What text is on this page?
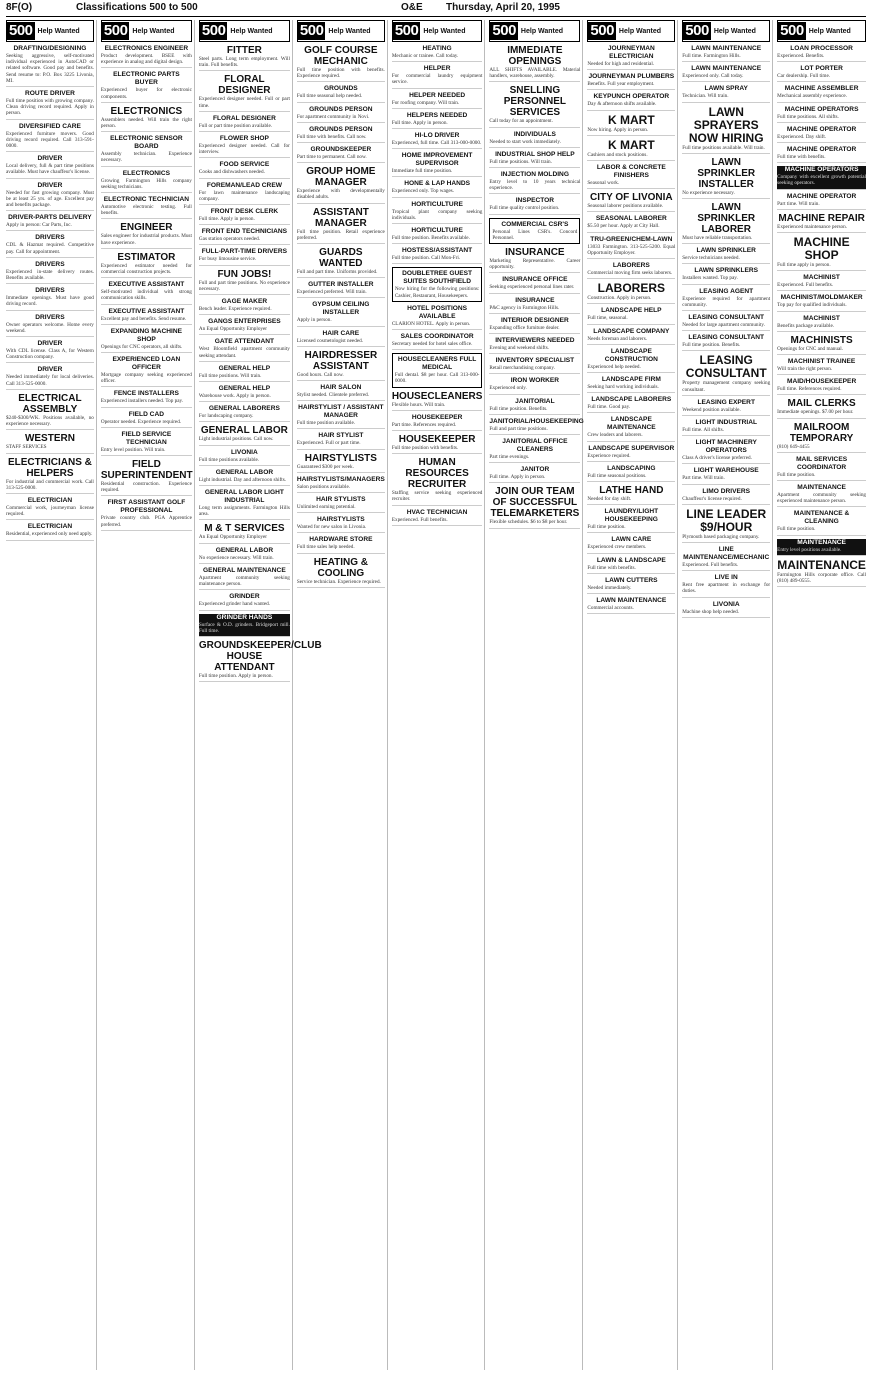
8F(O)	Classifications 500 to 500	O&E Thursday, April 20, 1995
500 Help Wanted
DRAFTING/DESIGNING
Seeking aggressive, self-motivated individual experienced in AutoCAD or related software. Good pay and benefits. Send resume to: P.O. Box 3225 Livonia, MI.
ROUTE DRIVER
Full time position with growing company. Clean driving record required. Apply in person.
DIVERSIFIED CARE
Experienced furniture movers. Good driving record required. Call 313-591-0000.
DRIVER
Local delivery, full & part time positions available. Must have chauffeur's license.
DRIVER
Needed for fast growing company. Must be at least 25 yrs. of age. Excellent pay and benefits package.
DRIVER-PARTS DELIVERY
Apply in person: Car Parts, Inc.
DRIVERS
CDL & Hazmat required. Competitive pay. Call for appointment.
DRIVERS
Experienced in-state delivery routes. Benefits available.
DRIVERS
Immediate openings. Must have good driving record.
DRIVERS
Owner operators welcome. Home every weekend.
DRIVER
With CDL license. Class A, for Western Construction company.
DRIVER
Needed immediately for local deliveries. Call 313-525-0000.
ELECTRICAL ASSEMBLY
$240-$300/WK. Positions available, no experience necessary.
WESTERN
STAFF SERVICES
ELECTRICIANS & HELPERS
For industrial and commercial work. Call 313-525-0000.
ELECTRICIAN
Commercial work, journeyman license required.
ELECTRICIAN
Residential, experienced only need apply.
500 Help Wanted
ELECTRONICS ENGINEER
Product development. BSEE with experience in analog and digital design.
ELECTRONIC PARTS BUYER
Experienced buyer for electronic components.
ELECTRONICS
Assemblers needed. Will train the right person.
ELECTRONIC SENSOR BOARD
Assembly technician. Experience necessary.
ELECTRONICS
Growing Farmington Hills company seeking technicians.
ELECTRONIC TECHNICIAN
Automotive electronic testing. Full benefits.
ENGINEER
Sales engineer for industrial products. Must have experience.
ESTIMATOR
Experienced estimator needed for commercial construction projects.
EXECUTIVE ASSISTANT
Self-motivated individual with strong communication skills.
EXECUTIVE ASSISTANT
Excellent pay and benefits. Send resume.
EXPANDING MACHINE SHOP
Openings for CNC operators, all shifts.
EXPERIENCED LOAN OFFICER
Mortgage company seeking experienced officer.
FENCE INSTALLERS
Experienced installers needed. Top pay.
FIELD CAD
Operator needed. Experience required.
FIELD SERVICE TECHNICIAN
Entry level position. Will train.
FIELD SUPERINTENDENT
Residential construction. Experience required.
FIRST ASSISTANT GOLF PROFESSIONAL
Private country club. PGA Apprentice preferred.
500 Help Wanted
FITTER
Steel parts. Long term employment. Will train. Full benefits.
FLORAL DESIGNER
Experienced designer needed. Full or part time.
FLORAL DESIGNER
Full or part time position available.
FLOWER SHOP
Experienced designer needed. Call for interview.
FOOD SERVICE
Cooks and dishwashers needed.
FOREMAN/LEAD CREW
For lawn maintenance landscaping company.
FRONT DESK CLERK
Full time. Apply in person.
FRONT END TECHNICIANS
Gas station operators needed.
FULL-PART-TIME DRIVERS
For busy limousine service.
FUN JOBS!
Full and part time positions. No experience necessary.
GAGE MAKER
Bench leader. Experience required.
GANGS ENTERPRISES
An Equal Opportunity Employer
GATE ATTENDANT
West Bloomfield apartment community seeking attendant.
GENERAL HELP
Full time positions. Will train.
GENERAL HELP
Warehouse work. Apply in person.
GENERAL LABORERS
For landscaping company.
GENERAL LABOR
Light industrial positions. Call now.
LIVONIA
Full time positions available.
GENERAL LABOR
Light industrial. Day and afternoon shifts.
GENERAL LABOR LIGHT INDUSTRIAL
Long term assignments. Farmington Hills area.
M & T SERVICES
An Equal Opportunity Employer
GENERAL LABOR
No experience necessary. Will train.
GENERAL MAINTENANCE
Apartment community seeking maintenance person.
GRINDER
Experienced grinder hand wanted.
GRINDER HANDS
Surface & O.D. grinders. Bridgeport mill. Full time.
GROUNDSKEEPER/CLUB HOUSE ATTENDANT
Full time position. Apply in person.
500 Help Wanted
GOLF COURSE MECHANIC
Full time position with benefits. Experience required.
GROUNDS
Full time seasonal help needed.
GROUNDS PERSON
For apartment community in Novi.
GROUNDS PERSON
Full time with benefits. Call now.
GROUNDSKEEPER
Part time to permanent. Call now.
GROUP HOME MANAGER
Experience with developmentally disabled adults.
ASSISTANT MANAGER
Full time position. Retail experience preferred.
GUARDS WANTED
Full and part time. Uniforms provided.
GUTTER INSTALLER
Experienced preferred. Will train.
GYPSUM CEILING INSTALLER
Apply in person.
HAIR CARE
Licensed cosmetologist needed.
HAIRDRESSER ASSISTANT
Good hours. Call now.
HAIR SALON
Stylist needed. Clientele preferred.
HAIRSTYLIST / ASSISTANT MANAGER
Full time position available.
HAIR STYLIST
Experienced. Full or part time.
HAIRSTYLISTS
Guaranteed $300 per week.
HAIRSTYLISTS/MANAGERS
Salon positions available.
HAIR STYLISTS
Unlimited earning potential.
HAIRSTYLISTS
Wanted for new salon in Livonia.
HARDWARE STORE
Full time sales help needed.
HEATING & COOLING
Service technician. Experience required.
500 Help Wanted
HEATING
Mechanic or trainee. Call today.
HELPER
For commercial laundry equipment service.
HELPER NEEDED
For roofing company. Will train.
HELPERS NEEDED
Full time. Apply in person.
HI-LO DRIVER
Experienced, full time. Call 313-000-0000.
HOME IMPROVEMENT SUPERVISOR
Immediate full time position.
HONE & LAP HANDS
Experienced only. Top wages.
HORTICULTURE
Tropical plant company seeking individuals.
HORTICULTURE
Full time position. Benefits available.
HOSTESS/ASSISTANT
Full time position. Call Mon-Fri.
DOUBLETREE GUEST SUITES SOUTHFIELD
Now hiring for the following positions: Cashier, Restaurant, Housekeepers.
HOTEL POSITIONS AVAILABLE
CLARION HOTEL. Apply in person.
SALES COORDINATOR
Secretary needed for hotel sales office.
HOUSECLEANERS FULL MEDICAL
Full dental. $8 per hour. Call 313-000-0000.
HOUSECLEANERS
Flexible hours. Will train.
HOUSEKEEPER
Part time. References required.
HOUSEKEEPER
Full time position with benefits.
HUMAN RESOURCES RECRUITER
Staffing service seeking experienced recruiter.
HVAC TECHNICIAN
Experienced. Full benefits.
500 Help Wanted
IMMEDIATE OPENINGS
ALL SHIFTS AVAILABLE. Material handlers, warehouse, assembly.
SNELLING PERSONNEL SERVICES
Call today for an appointment.
INDIVIDUALS
Needed to start work immediately.
INDUSTRIAL SHOP HELP
Full time positions. Will train.
INJECTION MOLDING
Entry level to 10 years technical experience.
INSPECTOR
Full time quality control position.
COMMERCIAL CSR'S
Personal Lines CSR's. Concord Personnel.
INSURANCE
Marketing Representative. Career opportunity.
INSURANCE OFFICE
Seeking experienced personal lines rater.
INSURANCE
P&C agency in Farmington Hills.
INTERIOR DESIGNER
Expanding office furniture dealer.
INTERVIEWERS NEEDED
Evening and weekend shifts.
INVENTORY SPECIALIST
Retail merchandising company.
IRON WORKER
Experienced only.
JANITORIAL
Full time position. Benefits.
JANITORIAL/HOUSEKEEPING
Full and part time positions.
JANITORIAL OFFICE CLEANERS
Part time evenings.
JANITOR
Full time. Apply in person.
JOIN OUR TEAM OF SUCCESSFUL TELEMARKETERS
Flexible schedules. $6 to $8 per hour.
500 Help Wanted
JOURNEYMAN ELECTRICIAN
Needed for high and residential.
JOURNEYMAN PLUMBERS
Benefits. Full year employment.
KEYPUNCH OPERATOR
Day & afternoon shifts available.
K MART
Now hiring. Apply in person.
K MART
Cashiers and stock positions.
LABOR & CONCRETE FINISHERS
Seasonal work.
CITY OF LIVONIA
Seasonal laborer positions available.
SEASONAL LABORER
$5.50 per hour. Apply at City Hall.
TRU-GREEN/CHEM-LAWN
13033 Farmington. 313-525-5200. Equal Opportunity Employer.
LABORERS
Commercial moving firm seeks laborers.
LABORERS
Construction. Apply in person.
LANDSCAPE HELP
Full time, seasonal.
LANDSCAPE COMPANY
Needs foreman and laborers.
LANDSCAPE CONSTRUCTION
Experienced help needed.
LANDSCAPE FIRM
Seeking hard working individuals.
LANDSCAPE LABORERS
Full time. Good pay.
LANDSCAPE MAINTENANCE
Crew leaders and laborers.
LANDSCAPE SUPERVISOR
Experience required.
LANDSCAPING
Full time seasonal positions.
LATHE HAND
Needed for day shift.
LAUNDRY/LIGHT HOUSEKEEPING
Full time position.
LAWN CARE
Experienced crew members.
LAWN & LANDSCAPE
Full time with benefits.
LAWN CUTTERS
Needed immediately.
LAWN MAINTENANCE
Commercial accounts.
500 Help Wanted
LAWN MAINTENANCE
Full time. Farmington Hills.
LAWN MAINTENANCE
Experienced only. Call today.
LAWN SPRAY
Technician. Will train.
LAWN SPRAYERS NOW HIRING
Full time positions available. Will train.
LAWN SPRINKLER INSTALLER
No experience necessary.
LAWN SPRINKLER LABORER
Must have reliable transportation.
LAWN SPRINKLER
Service technicians needed.
LAWN SPRINKLERS
Installers wanted. Top pay.
LEASING AGENT
Experience required for apartment community.
LEASING CONSULTANT
Needed for large apartment community.
LEASING CONSULTANT
Full time position. Benefits.
LEASING CONSULTANT
Property management company seeking consultant.
LEASING EXPERT
Weekend position available.
LIGHT INDUSTRIAL
Full time. All shifts.
LIGHT MACHINERY OPERATORS
Class A driver's license preferred.
LIGHT WAREHOUSE
Part time. Will train.
LIMO DRIVERS
Chauffeur's license required.
LINE LEADER $9/HOUR
Plymouth based packaging company.
LINE MAINTENANCE/MECHANIC
Experienced. Full benefits.
LIVE IN
Rent free apartment in exchange for duties.
LIVONIA
Machine shop help needed.
500 Help Wanted
LOAN PROCESSOR
Experienced. Benefits.
LOT PORTER
Car dealership. Full time.
MACHINE ASSEMBLER
Mechanical assembly experience.
MACHINE OPERATORS
Full time positions. All shifts.
MACHINE OPERATOR
Experienced. Day shift.
MACHINE OPERATOR
Full time with benefits.
MACHINE OPERATORS
Company with excellent growth potential seeking operators.
MACHINE OPERATOR
Part time. Will train.
MACHINE REPAIR
Experienced maintenance person.
MACHINE SHOP
Full time apply in person.
MACHINIST
Experienced. Full benefits.
MACHINIST/MOLDMAKER
Top pay for qualified individuals.
MACHINIST
Benefits package available.
MACHINISTS
Openings for CNC and manual.
MACHINIST TRAINEE
Will train the right person.
MAID/HOUSEKEEPER
Full time. References required.
MAIL CLERKS
Immediate openings. $7.00 per hour.
MAILROOM TEMPORARY
(810) 649-4455
MAIL SERVICES COORDINATOR
Full time position.
MAINTENANCE
Apartment community seeking experienced maintenance person.
MAINTENANCE & CLEANING
Full time position.
MAINTENANCE
Entry level positions available.
MAINTENANCE
Farmington Hills corporate office. Call (810) 489-0555.
